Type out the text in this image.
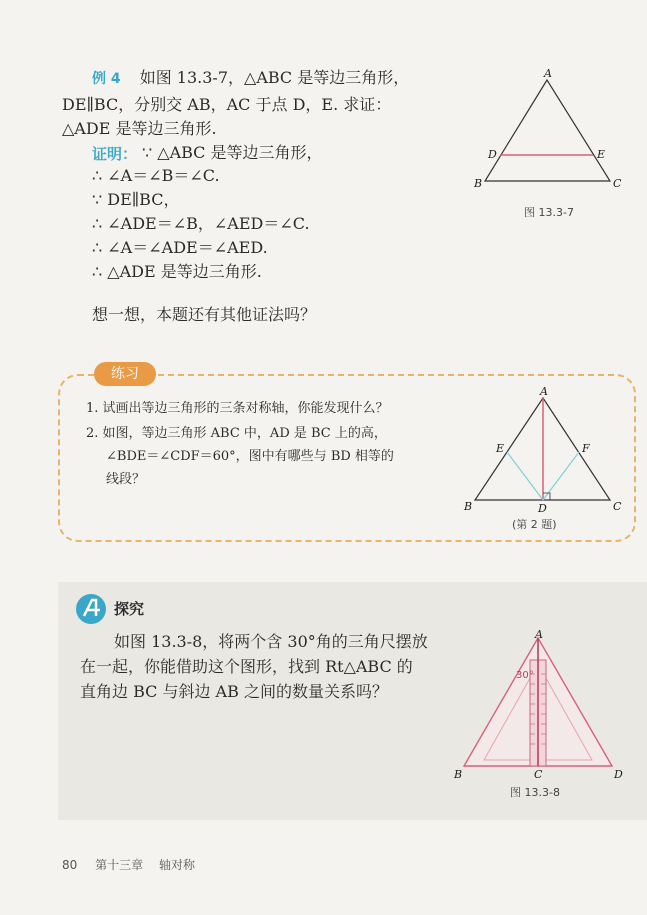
例 4 如图 13.3-7，△ABC 是等边三角形，
DE∥BC，分别交 AB，AC 于点 D，E. 求证：
△ADE 是等边三角形.
证明： ∵ △ABC 是等边三角形，
∴ ∠A＝∠B＝∠C.
∵ DE∥BC，
∴ ∠ADE＝∠B，∠AED＝∠C.
∴ ∠A＝∠ADE＝∠AED.
∴ △ADE 是等边三角形.
想一想，本题还有其他证法吗？
A
B	C
D	E
图 13.3-7
练习
1. 试画出等边三角形的三条对称轴，你能发现什么？
2. 如图，等边三角形 ABC 中，AD 是 BC 上的高，
∠BDE＝∠CDF＝60°，图中有哪些与 BD 相等的
线段？
A
B	C
D
E	F
(第 2 题)
探究
如图 13.3-8，将两个含 30°角的三角尺摆放
在一起，你能借助这个图形，找到 Rt△ABC 的
直角边 BC 与斜边 AB 之间的数量关系吗？
30°
A
B	C	D
图 13.3-8
80 第十三章 轴对称
